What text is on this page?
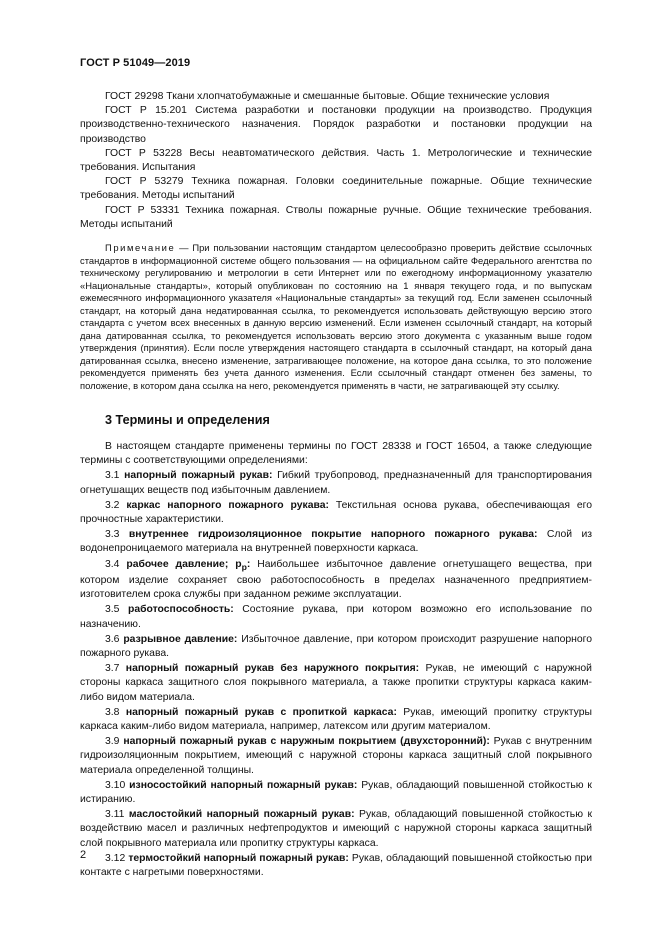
ГОСТ Р 51049—2019

ГОСТ 29298 Ткани хлопчатобумажные и смешанные бытовые. Общие технические условия

ГОСТ Р 15.201 Система разработки и постановки продукции на производство. Продукция производственно-технического назначения. Порядок разработки и постановки продукции на производство

ГОСТ Р 53228 Весы неавтоматического действия. Часть 1. Метрологические и технические требования. Испытания

ГОСТ Р 53279 Техника пожарная. Головки соединительные пожарные. Общие технические требования. Методы испытаний

ГОСТ Р 53331 Техника пожарная. Стволы пожарные ручные. Общие технические требования. Методы испытаний

Примечание — При пользовании настоящим стандартом целесообразно проверить действие ссылочных стандартов в информационной системе общего пользования — на официальном сайте Федерального агентства по техническому регулированию и метрологии в сети Интернет или по ежегодному информационному указателю «Национальные стандарты», который опубликован по состоянию на 1 января текущего года, и по выпускам ежемесячного информационного указателя «Национальные стандарты» за текущий год. Если заменен ссылочный стандарт, на который дана недатированная ссылка, то рекомендуется использовать действующую версию этого стандарта с учетом всех внесенных в данную версию изменений. Если изменен ссылочный стандарт, на который дана датированная ссылка, то рекомендуется использовать версию этого документа с указанным выше годом утверждения (принятия). Если после утверждения настоящего стандарта в ссылочный стандарт, на который дана датированная ссылка, внесено изменение, затрагивающее положение, на которое дана ссылка, то это положение рекомендуется применять без учета данного изменения. Если ссылочный стандарт отменен без замены, то положение, в котором дана ссылка на него, рекомендуется применять в части, не затрагивающей эту ссылку.

3 Термины и определения

В настоящем стандарте применены термины по ГОСТ 28338 и ГОСТ 16504, а также следующие термины с соответствующими определениями:

3.1 напорный пожарный рукав: Гибкий трубопровод, предназначенный для транспортирования огнетушащих веществ под избыточным давлением.

3.2 каркас напорного пожарного рукава: Текстильная основа рукава, обеспечивающая его прочностные характеристики.

3.3 внутреннее гидроизоляционное покрытие напорного пожарного рукава: Слой из водонепроницаемого материала на внутренней поверхности каркаса.

3.4 рабочее давление; $p_р$: Наибольшее избыточное давление огнетушащего вещества, при котором изделие сохраняет свою работоспособность в пределах назначенного предприятием-изготовителем срока службы при заданном режиме эксплуатации.

3.5 работоспособность: Состояние рукава, при котором возможно его использование по назначению.

3.6 разрывное давление: Избыточное давление, при котором происходит разрушение напорного пожарного рукава.

3.7 напорный пожарный рукав без наружного покрытия: Рукав, не имеющий с наружной стороны каркаса защитного слоя покрывного материала, а также пропитки структуры каркаса каким-либо видом материала.

3.8 напорный пожарный рукав с пропиткой каркаса: Рукав, имеющий пропитку структуры каркаса каким-либо видом материала, например, латексом или другим материалом.

3.9 напорный пожарный рукав с наружным покрытием (двухсторонний): Рукав с внутренним гидроизоляционным покрытием, имеющий с наружной стороны каркаса защитный слой покрывного материала определенной толщины.

3.10 износостойкий напорный пожарный рукав: Рукав, обладающий повышенной стойкостью к истиранию.

3.11 маслостойкий напорный пожарный рукав: Рукав, обладающий повышенной стойкостью к воздействию масел и различных нефтепродуктов и имеющий с наружной стороны каркаса защитный слой покрывного материала или пропитку структуры каркаса.

3.12 термостойкий напорный пожарный рукав: Рукав, обладающий повышенной стойкостью при контакте с нагретыми поверхностями.

2
